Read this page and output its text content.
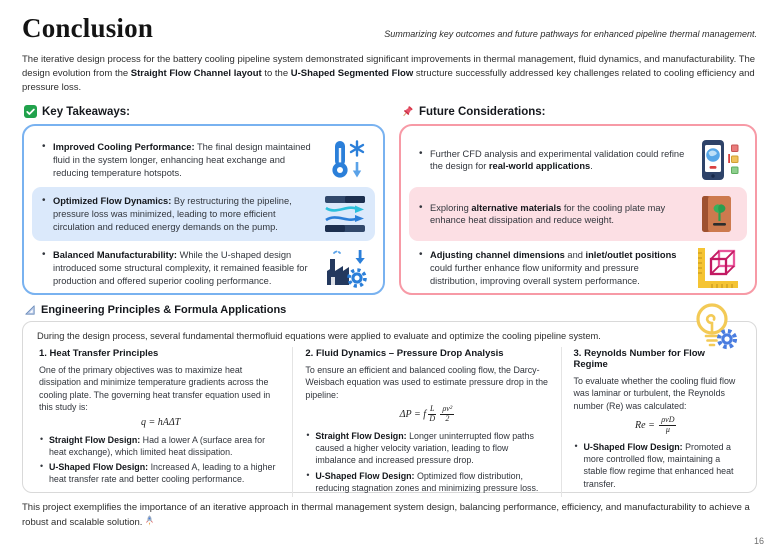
Conclusion	Summarizing key outcomes and future pathways for enhanced pipeline thermal management.

The iterative design process for the battery cooling pipeline system demonstrated significant improvements in thermal management, fluid dynamics, and manufacturability. The design evolution from the Straight Flow Channel layout to the U-Shaped Segmented Flow structure successfully addressed key challenges related to cooling efficiency and pressure loss.

Key Takeaways:
• Improved Cooling Performance: The final design maintained fluid in the system longer, enhancing heat exchange and reducing temperature hotspots.
• Optimized Flow Dynamics: By restructuring the pipeline, pressure loss was minimized, leading to more efficient circulation and reduced energy demands on the pump.
• Balanced Manufacturability: While the U-shaped design introduced some structural complexity, it remained feasible for production and offered superior cooling performance.
Future Considerations:
• Further CFD analysis and experimental validation could refine the design for real-world applications.
• Exploring alternative materials for the cooling plate may enhance heat dissipation and reduce weight.
• Adjusting channel dimensions and inlet/outlet positions could further enhance flow uniformity and pressure distribution, improving overall system performance.
Engineering Principles & Formula Applications

During the design process, several fundamental thermofluid equations were applied to evaluate and optimize the cooling pipeline system.

1. Heat Transfer Principles

One of the primary objectives was to maximize heat dissipation and minimize temperature gradients across the cooling plate. The governing heat transfer equation used in this study is:

q = hAΔT
• Straight Flow Design: Had a lower A (surface area for heat exchange), which limited heat dissipation.
• U-Shaped Flow Design: Increased A, leading to a higher heat transfer rate and better cooling performance.
2. Fluid Dynamics – Pressure Drop Analysis

To ensure an efficient and balanced cooling flow, the Darcy-Weisbach equation was used to estimate pressure drop in the pipeline:

ΔP = f $\frac{L}{D} \frac{\text{ρv²}}{2}$
• Straight Flow Design: Longer uninterrupted flow paths caused a higher velocity variation, leading to flow imbalance and increased pressure drop.
• U-Shaped Flow Design: Optimized flow distribution, reducing stagnation zones and minimizing pressure loss.
3. Reynolds Number for Flow Regime

To evaluate whether the cooling fluid flow was laminar or turbulent, the Reynolds number (Re) was calculated:

$Re = \frac{\text{ρvD}}{\mu}$
• U-Shaped Flow Design: Promoted a more controlled flow, maintaining a stable flow regime that enhanced heat transfer.

This project exemplifies the importance of an iterative approach in thermal management system design, balancing performance, efficiency, and manufacturability to achieve a robust and scalable solution.

16
